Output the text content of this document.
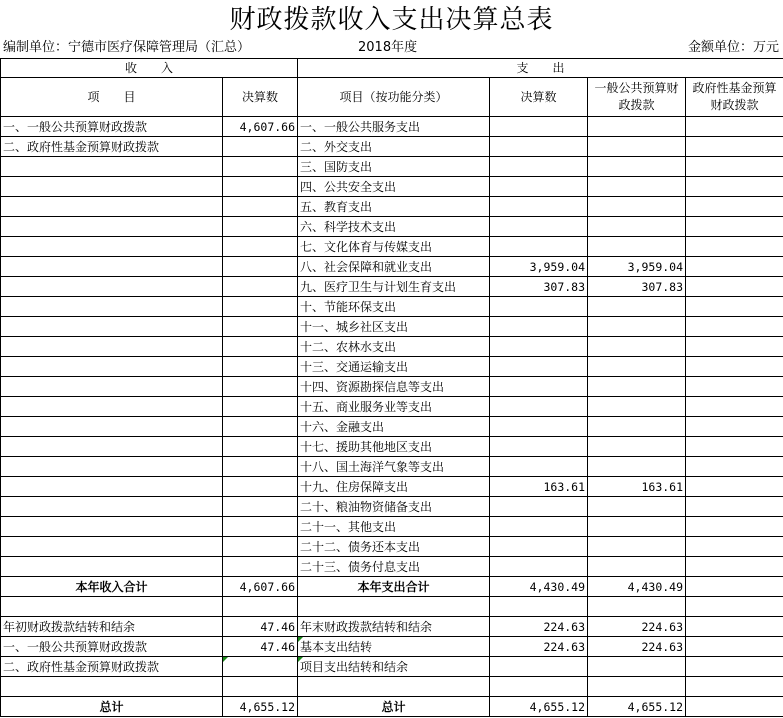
财政拨款收入支出决算总表
编制单位：宁德市医疗保障管理局（汇总）	2018年度	金额单位：万元
收　　入		支　　出			
项　　目	决算数	项目（按功能分类）	决算数	一般公共预算财政拨款	政府性基金预算财政拨款
一、一般公共预算财政拨款	4,607.66	一、一般公共服务支出			
二、政府性基金预算财政拨款		二、外交支出			
		三、国防支出			
		四、公共安全支出			
		五、教育支出			
		六、科学技术支出			
		七、文化体育与传媒支出			
		八、社会保障和就业支出	3,959.04	3,959.04	
		九、医疗卫生与计划生育支出	307.83	307.83	
		十、节能环保支出			
		十一、城乡社区支出			
		十二、农林水支出			
		十三、交通运输支出			
		十四、资源勘探信息等支出			
		十五、商业服务业等支出			
		十六、金融支出			
		十七、援助其他地区支出			
		十八、国土海洋气象等支出			
		十九、住房保障支出	163.61	163.61	
		二十、粮油物资储备支出			
		二十一、其他支出			
		二十二、债务还本支出			
		二十三、债务付息支出			
本年收入合计	4,607.66	本年支出合计	4,430.49	4,430.49	

年初财政拨款结转和结余	47.46	年末财政拨款结转和结余	224.63	224.63	
一、一般公共预算财政拨款	47.46	基本支出结转	224.63	224.63	
二、政府性基金预算财政拨款		项目支出结转和结余			

总计	4,655.12	总计	4,655.12	4,655.12	
